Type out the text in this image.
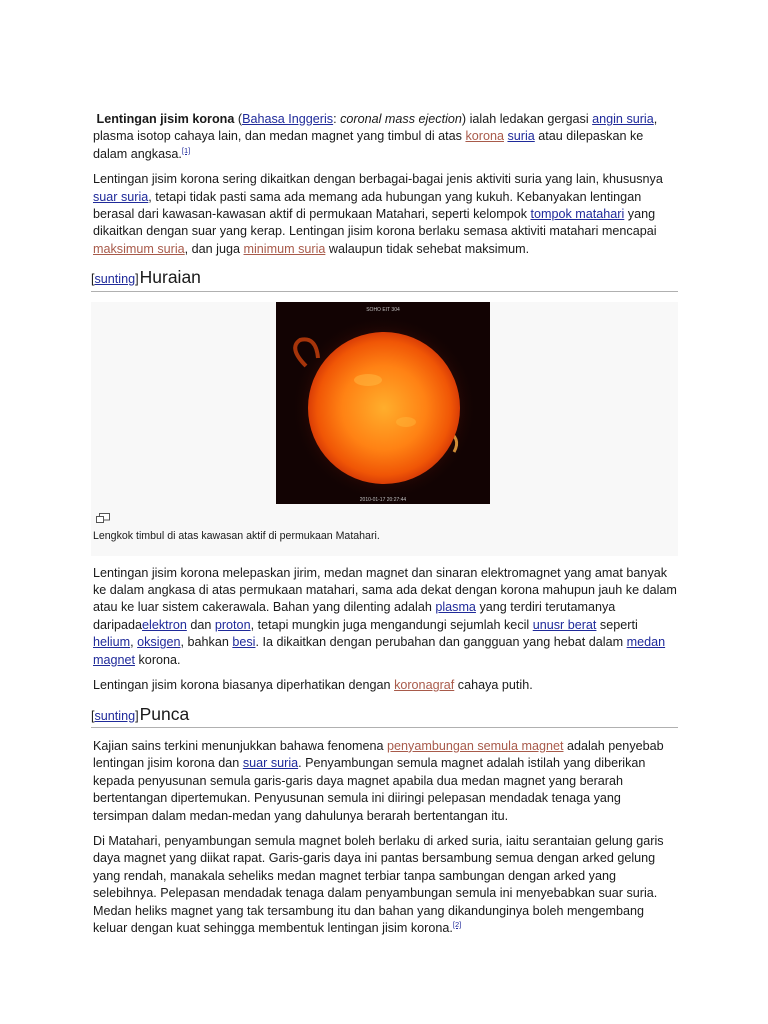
Lentingan jisim korona (Bahasa Inggeris: coronal mass ejection) ialah ledakan gergasi angin suria, plasma isotop cahaya lain, dan medan magnet yang timbul di atas korona suria atau dilepaskan ke dalam angkasa.[1]

Lentingan jisim korona sering dikaitkan dengan berbagai-bagai jenis aktiviti suria yang lain, khususnya suar suria, tetapi tidak pasti sama ada memang ada hubungan yang kukuh. Kebanyakan lentingan berasal dari kawasan-kawasan aktif di permukaan Matahari, seperti kelompok tompok matahari yang dikaitkan dengan suar yang kerap. Lentingan jisim korona berlaku semasa aktiviti matahari mencapai maksimum suria, dan juga minimum suria walaupun tidak sehebat maksimum.

[sunting] Huraian
SOHO EIT 304
2010-01-17 20:27:44
Lengkok timbul di atas kawasan aktif di permukaan Matahari.

Lentingan jisim korona melepaskan jirim, medan magnet dan sinaran elektromagnet yang amat banyak ke dalam angkasa di atas permukaan matahari, sama ada dekat dengan korona mahupun jauh ke dalam atau ke luar sistem cakerawala. Bahan yang dilenting adalah plasma yang terdiri terutamanya daripadaelektron dan proton, tetapi mungkin juga mengandungi sejumlah kecil unusr berat seperti helium, oksigen, bahkan besi. Ia dikaitkan dengan perubahan dan gangguan yang hebat dalam medan magnet korona.

Lentingan jisim korona biasanya diperhatikan dengan koronagraf cahaya putih.

[sunting] Punca

Kajian sains terkini menunjukkan bahawa fenomena penyambungan semula magnet adalah penyebab lentingan jisim korona dan suar suria. Penyambungan semula magnet adalah istilah yang diberikan kepada penyusunan semula garis-garis daya magnet apabila dua medan magnet yang berarah bertentangan dipertemukan. Penyusunan semula ini diiringi pelepasan mendadak tenaga yang tersimpan dalam medan-medan yang dahulunya berarah bertentangan itu.

Di Matahari, penyambungan semula magnet boleh berlaku di arked suria, iaitu serantaian gelung garis daya magnet yang diikat rapat. Garis-garis daya ini pantas bersambung semua dengan arked gelung yang rendah, manakala seheliks medan magnet terbiar tanpa sambungan dengan arked yang selebihnya. Pelepasan mendadak tenaga dalam penyambungan semula ini menyebabkan suar suria. Medan heliks magnet yang tak tersambung itu dan bahan yang dikandunginya boleh mengembang keluar dengan kuat sehingga membentuk lentingan jisim korona.[2]
